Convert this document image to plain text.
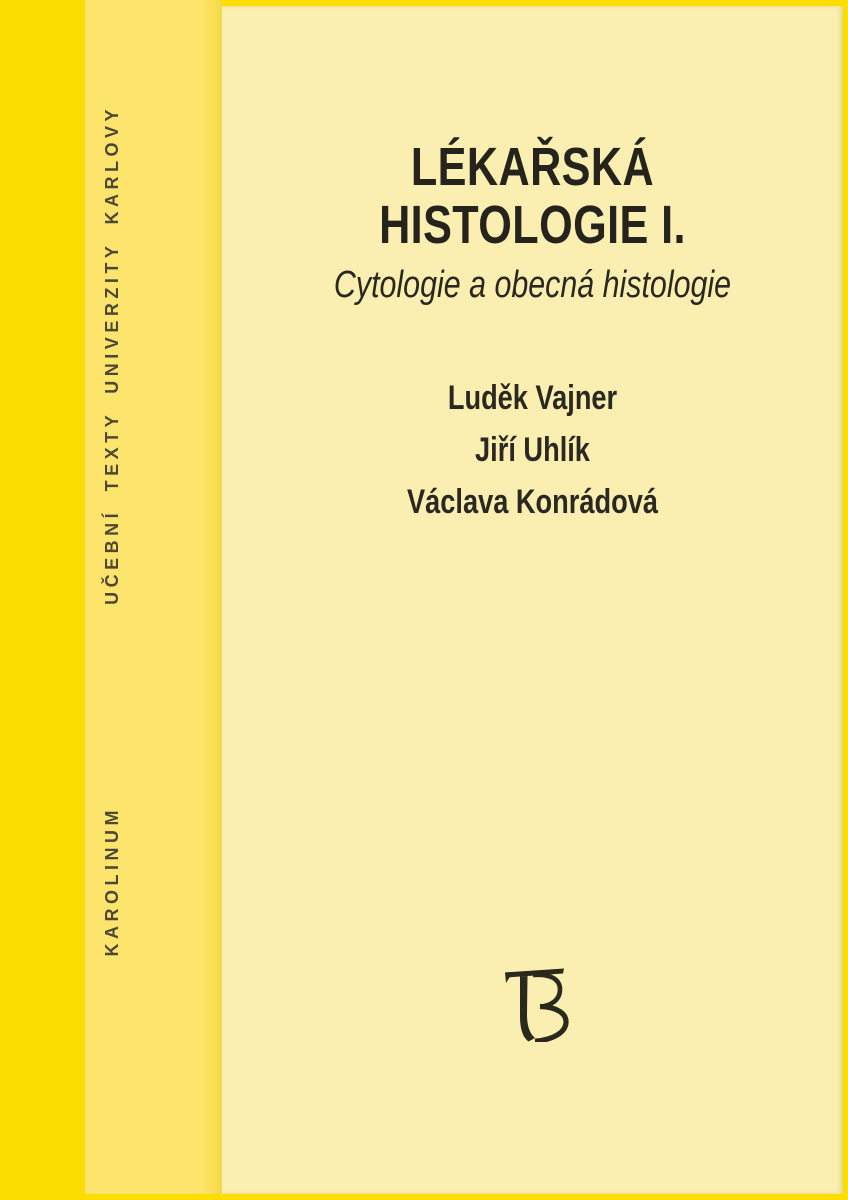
UČEBNÍ TEXTY UNIVERZITY KARLOVY
KAROLINUM
LÉKAŘSKÁ
HISTOLOGIE I.
Cytologie a obecná histologie

Luděk Vajner

Jiří Uhlík

Václava Konrádová
